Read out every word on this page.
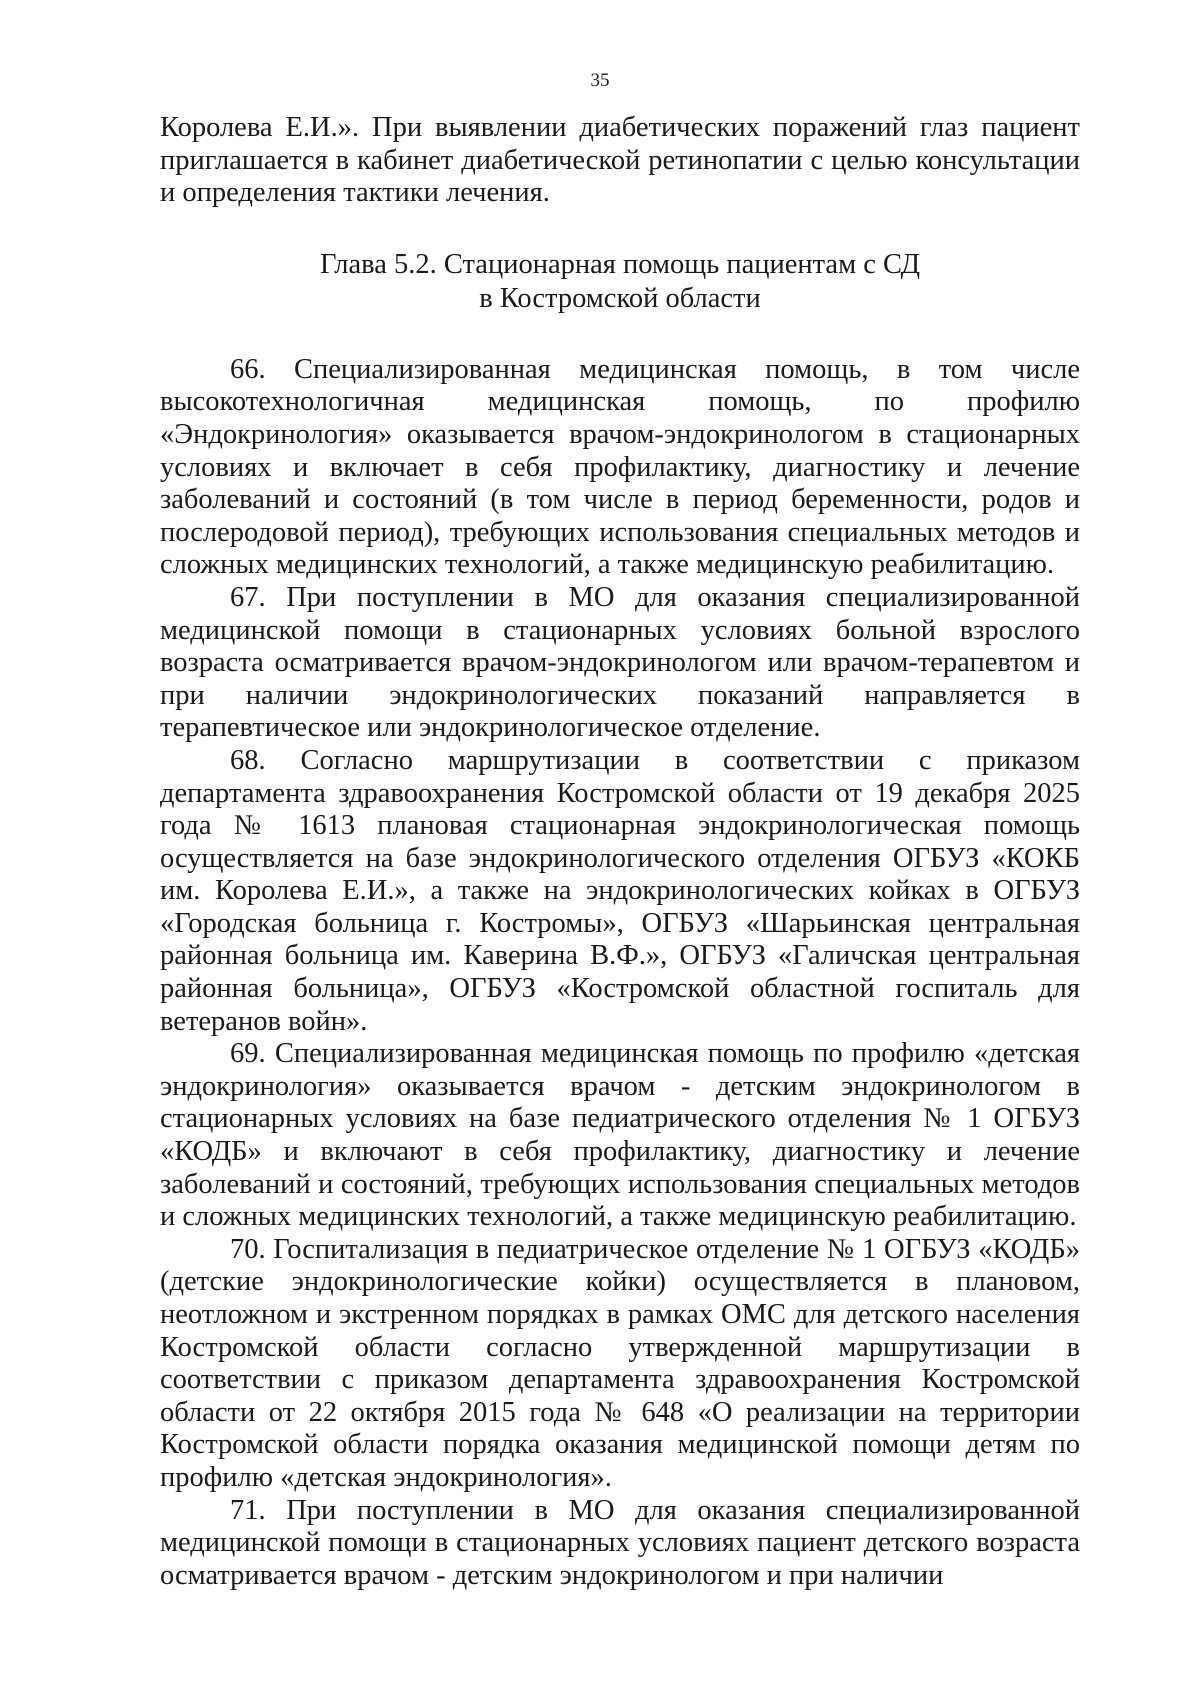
35

Королева Е.И.». При выявлении диабетических поражений глаз пациент приглашается в кабинет диабетической ретинопатии с целью консультации и определения тактики лечения.

Глава 5.2. Стационарная помощь пациентам с СД
в Костромской области

66. Специализированная медицинская помощь, в том числе высокотехнологичная медицинская помощь, по профилю «Эндокринология» оказывается врачом-эндокринологом в стационарных условиях и включает в себя профилактику, диагностику и лечение заболеваний и состояний (в том числе в период беременности, родов и послеродовой период), требующих использования специальных методов и сложных медицинских технологий, а также медицинскую реабилитацию.

67. При поступлении в МО для оказания специализированной медицинской помощи в стационарных условиях больной взрослого возраста осматривается врачом-эндокринологом или врачом-терапевтом и при наличии эндокринологических показаний направляется в терапевтическое или эндокринологическое отделение.

68. Согласно маршрутизации в соответствии с приказом департамента здравоохранения Костромской области от 19 декабря 2025 года № 1613 плановая стационарная эндокринологическая помощь осуществляется на базе эндокринологического отделения ОГБУЗ «КОКБ им. Королева Е.И.», а также на эндокринологических койках в ОГБУЗ «Городская больница г. Костромы», ОГБУЗ «Шарьинская центральная районная больница им. Каверина В.Ф.», ОГБУЗ «Галичская центральная районная больница», ОГБУЗ «Костромской областной госпиталь для ветеранов войн».

69. Специализированная медицинская помощь по профилю «детская эндокринология» оказывается врачом - детским эндокринологом в стационарных условиях на базе педиатрического отделения № 1 ОГБУЗ «КОДБ» и включают в себя профилактику, диагностику и лечение заболеваний и состояний, требующих использования специальных методов и сложных медицинских технологий, а также медицинскую реабилитацию.

70. Госпитализация в педиатрическое отделение № 1 ОГБУЗ «КОДБ» (детские эндокринологические койки) осуществляется в плановом, неотложном и экстренном порядках в рамках ОМС для детского населения Костромской области согласно утвержденной маршрутизации в соответствии с приказом департамента здравоохранения Костромской области от 22 октября 2015 года № 648 «О реализации на территории Костромской области порядка оказания медицинской помощи детям по профилю «детская эндокринология».

71. При поступлении в МО для оказания специализированной медицинской помощи в стационарных условиях пациент детского возраста осматривается врачом - детским эндокринологом и при наличии
